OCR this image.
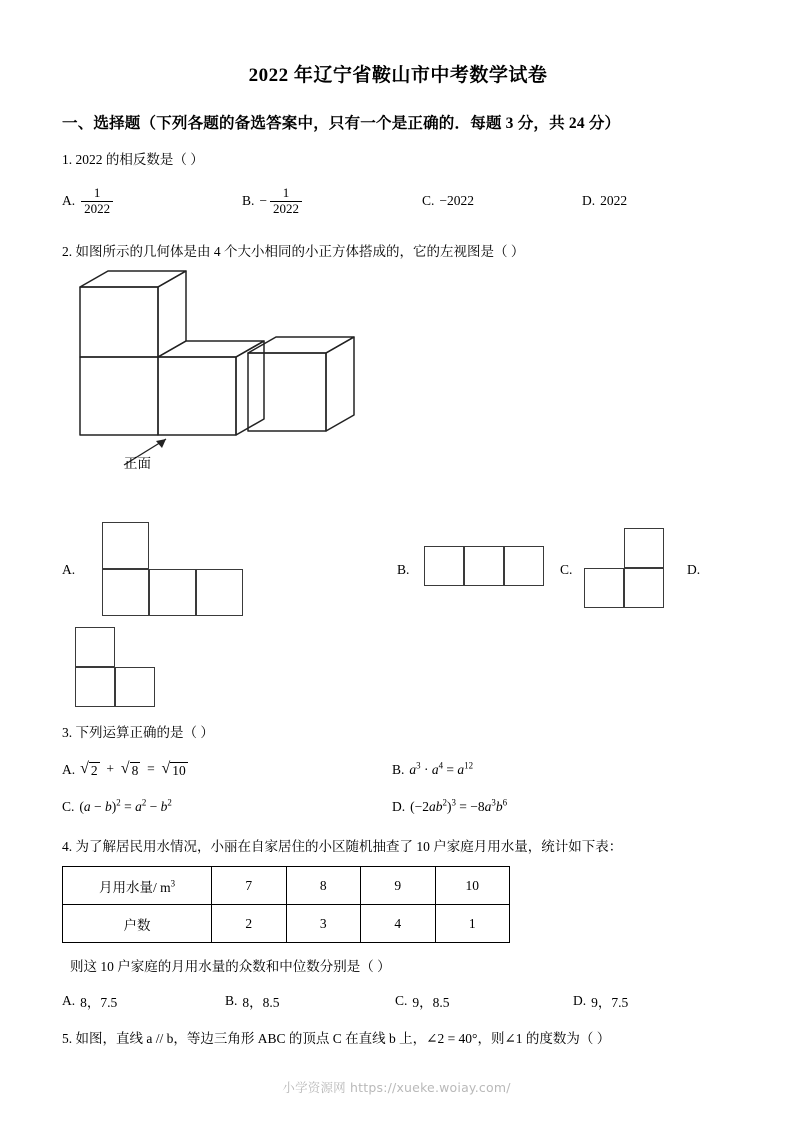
2022 年辽宁省鞍山市中考数学试卷
一、选择题（下列各题的备选答案中，只有一个是正确的．每题 3 分，共 24 分）
1. 2022 的相反数是（ ）
A. $\frac{1}{2022}$	B. − $\frac{1}{2022}$	C. −2022	D. 2022
2. 如图所示的几何体是由 4 个大小相同的小正方体搭成的，它的左视图是（ ）
正面
A.	B.	C.	D.
3. 下列运算正确的是（ ）
A. √ 2 + √ 8 = √ 10	B. $a^3 \cdot a^4 = a^{12}$
C. $(a - b)^2 = a^2 - b^2$	D. $(-2ab^2)^3 = -8a^3b^6$
4. 为了解居民用水情况，小丽在自家居住的小区随机抽查了 10 户家庭月用水量，统计如下表：
月用水量/ $m^3$	7	8	9	10
户数	2	3	4	1
则这 10 户家庭的月用水量的众数和中位数分别是（ ）
A. 8，7.5	B. 8，8.5	C. 9，8.5	D. 9，7.5
5. 如图，直线 a // b，等边三角形 ABC 的顶点 C 在直线 b 上，∠2 = 40°，则∠1 的度数为（ ）
小学资源网 https://xueke.woiay.com/
